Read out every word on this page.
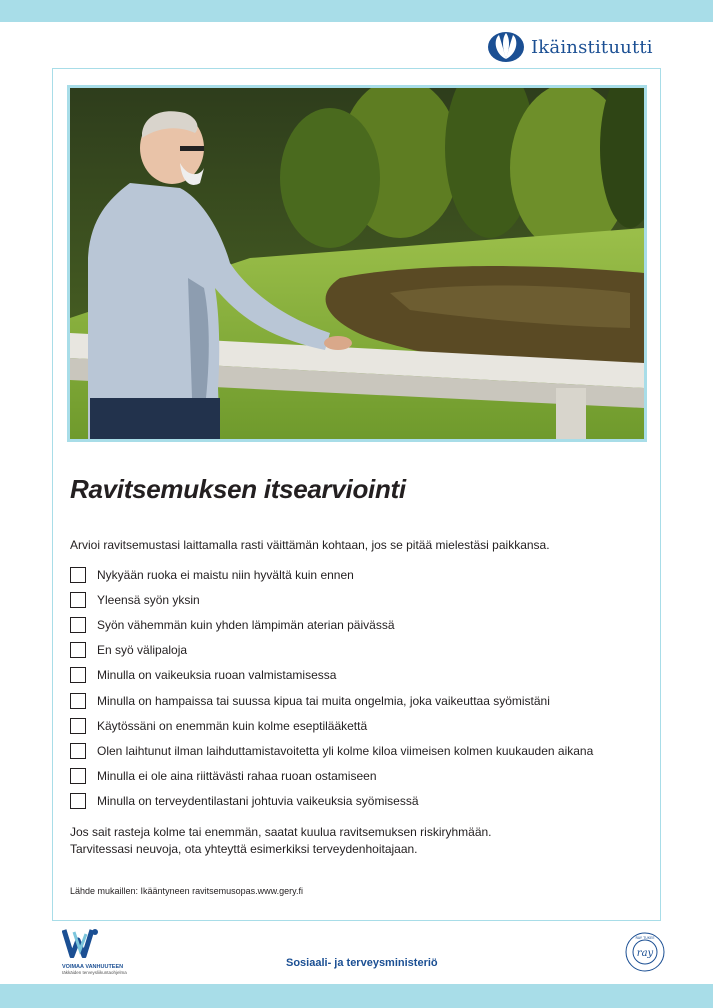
Ikäinstituutti
Ravitsemuksen itsearviointi

Arvioi ravitsemustasi laittamalla rasti väittämän kohtaan, jos se pitää mielestäsi paikkansa.

Nykyään ruoka ei maistu niin hyvältä kuin ennen
Yleensä syön yksin
Syön vähemmän kuin yhden lämpimän aterian päivässä
En syö välipaloja
Minulla on vaikeuksia ruoan valmistamisessa
Minulla on hampaissa tai suussa kipua tai muita ongelmia, joka vaikeuttaa syömistäni
Käytössäni on enemmän kuin kolme eseptilääkettä
Olen laihtunut ilman laihduttamistavoitetta yli kolme kiloa viimeisen kolmen kuukauden aikana
Minulla ei ole aina riittävästi rahaa ruoan ostamiseen
Minulla on terveydentilastani johtuvia vaikeuksia syömisessä

Jos sait rasteja kolme tai enemmän, saatat kuulua ravitsemuksen riskiryhmään.
Tarvitessasi neuvoja, ota yhteyttä esimerkiksi terveydenhoitajaan.

Lähde mukaillen: Ikääntyneen ravitsemusopas.www.gery.fi

VOIMAA VANHUUTEEN
Iäkkäiden terveysliikuntaohjelma

Sosiaali- ja terveysministeriö

ray
RAY TUKEE
